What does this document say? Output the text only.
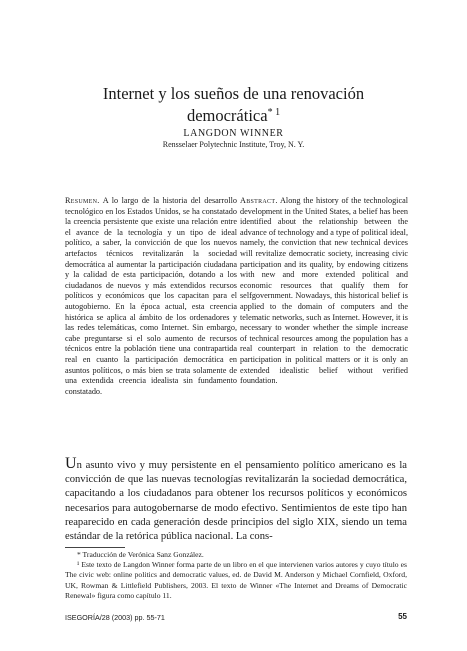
Internet y los sueños de una renovación democrática$^{* 1}$
LANGDON WINNER
Rensselaer Polytechnic Institute, Troy, N. Y.
Resumen. A lo largo de la historia del desarrollo tecnológico en los Estados Unidos, se ha constatado la creencia persistente que existe una relación entre el avance de la tecnología y un tipo de ideal político, a saber, la convicción de que los nuevos artefactos técnicos revitalizarán la sociedad democrática al aumentar la participación ciudadana y la calidad de esta participación, dotando a los ciudadanos de nuevos y más extendidos recursos políticos y económicos que los capacitan para el autogobierno. En la época actual, esta creencia histórica se aplica al ámbito de los ordenadores y las redes telemáticas, como Internet. Sin embargo, cabe preguntarse si el solo aumento de recursos técnicos entre la población tiene una contrapartida real en cuanto la participación democrática en asuntos políticos, o más bien se trata solamente de una extendida creencia idealista sin fundamento constatado.
Abstract. Along the history of the technological development in the United States, a belief has been identified about the relationship between the advance of technology and a type of political ideal, namely, the conviction that new technical devices will revitalize democratic society, increasing civic participation and its quality, by endowing citizens with new and more extended political and economic resources that qualify them for selfgovernment. Nowadays, this historical belief is applied to the domain of computers and the telematic networks, such as Internet. However, it is necessary to wonder whether the simple increase of technical resources among the population has a real counterpart in relation to the democratic participation in political matters or it is only an extended idealistic belief without verified foundation.
Un asunto vivo y muy persistente en el pensamiento político americano es la convicción de que las nuevas tecnologías revitalizarán la sociedad democrática, capacitando a los ciudadanos para obtener los recursos políticos y económicos necesarios para autogobernarse de modo efectivo. Sentimientos de este tipo han reaparecido en cada generación desde principios del siglo XIX, siendo un tema estándar de la retórica pública nacional. La cons-

* Traducción de Verónica Sanz González.

¹ Este texto de Langdon Winner forma parte de un libro en el que intervienen varios autores y cuyo título es The civic web: online politics and democratic values, ed. de David M. Anderson y Michael Cornfield, Oxford, UK, Rowman & Littlefield Publishers, 2003. El texto de Winner «The Internet and Dreams of Democratic Renewal» figura como capítulo 11.

ISEGORÍA/28 (2003) pp. 55-71	55
